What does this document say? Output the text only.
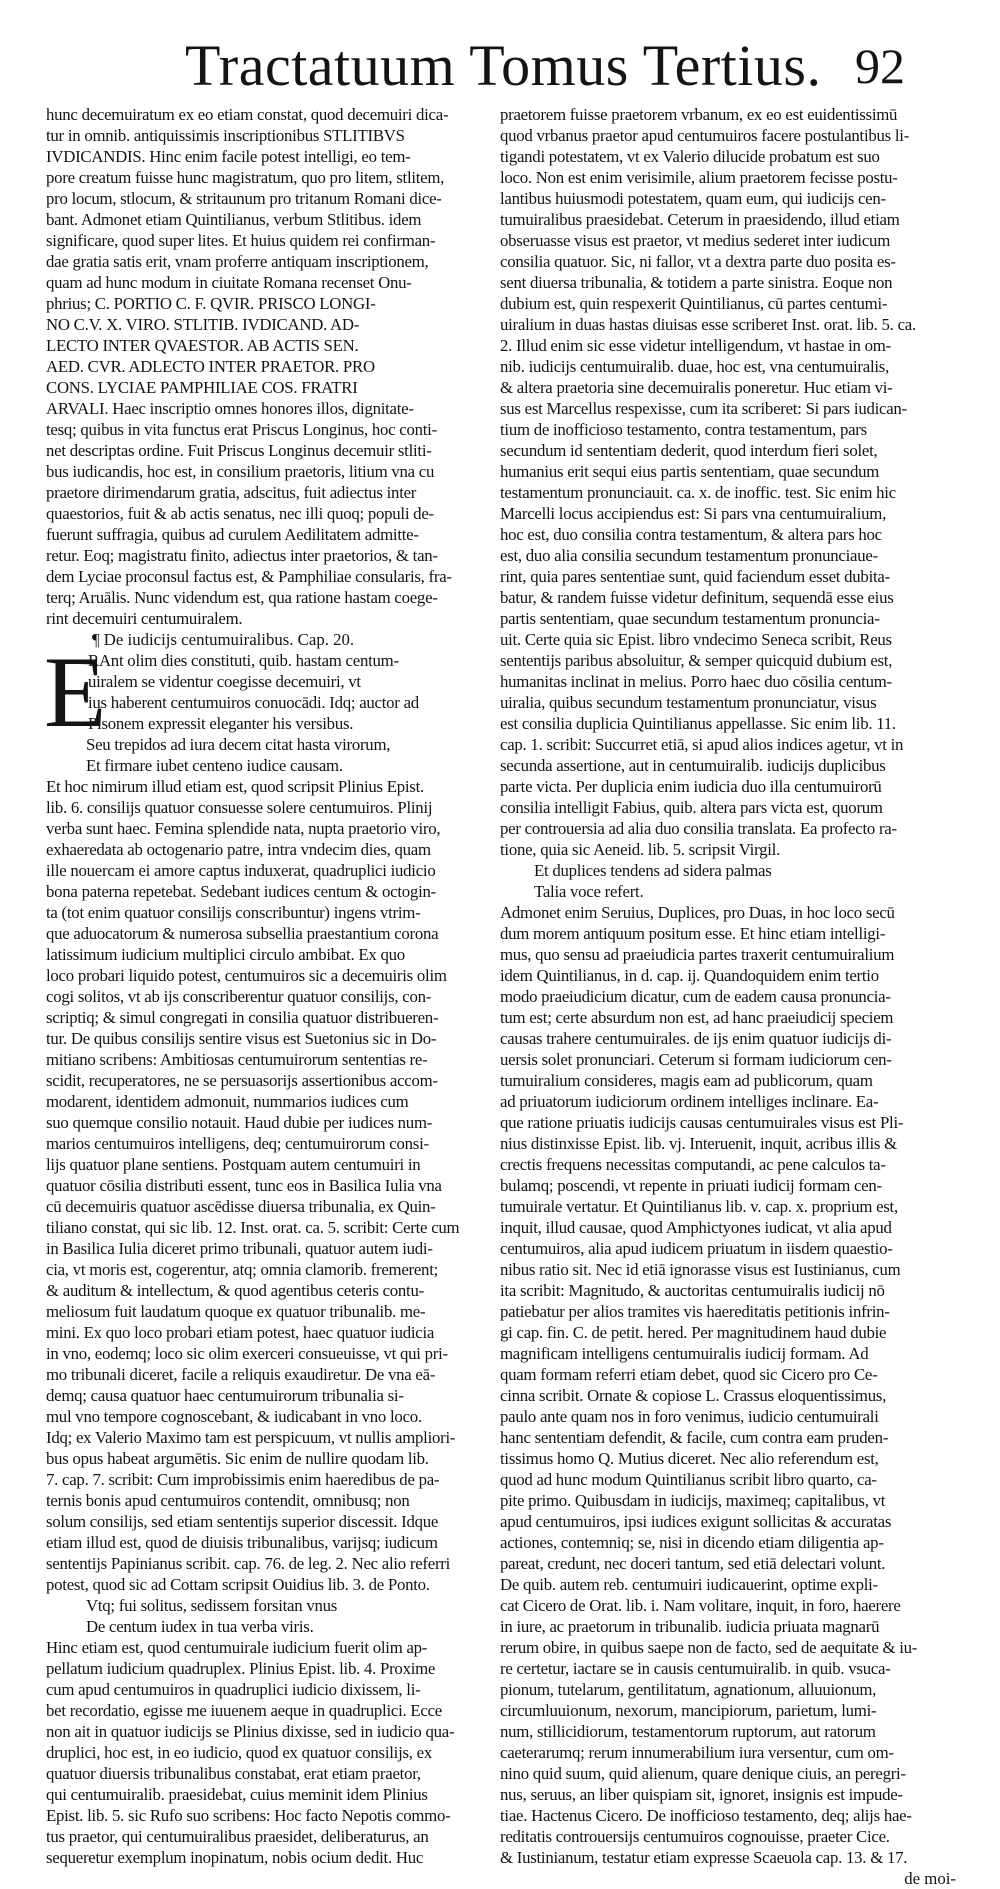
Tractatuum Tomus Tertius. 92
hunc decemuiratum ex eo etiam constat, quod decemuiri dica-
tur in omnib. antiquissimis inscriptionibus STLITIBVS
IVDICANDIS. Hinc enim facile potest intelligi, eo tem-
pore creatum fuisse hunc magistratum, quo pro litem, stlitem,
pro locum, stlocum, & stritaunum pro tritanum Romani dice-
bant. Admonet etiam Quintilianus, verbum Stlitibus. idem
significare, quod super lites. Et huius quidem rei confirman-
dae gratia satis erit, vnam proferre antiquam inscriptionem,
quam ad hunc modum in ciuitate Romana recenset Onu-
phrius; C. PORTIO C. F. QVIR. PRISCO LONGI-
NO C.V. X. VIRO. STLITIB. IVDICAND. AD-
LECTO INTER QVAESTOR. AB ACTIS SEN.
AED. CVR. ADLECTO INTER PRAETOR. PRO
CONS. LYCIAE PAMPHILIAE COS. FRATRI
ARVALI. Haec inscriptio omnes honores illos, dignitate-
tesq; quibus in vita functus erat Priscus Longinus, hoc conti-
net descriptas ordine. Fuit Priscus Longinus decemuir stliti-
bus iudicandis, hoc est, in consilium praetoris, litium vna cu
praetore dirimendarum gratia, adscitus, fuit adiectus inter
quaestorios, fuit & ab actis senatus, nec illi quoq; populi de-
fuerunt suffragia, quibus ad curulem Aedilitatem admitte-
retur. Eoq; magistratu finito, adiectus inter praetorios, & tan-
dem Lyciae proconsul factus est, & Pamphiliae consularis, fra-
terq; Aruālis. Nunc videndum est, qua ratione hastam coege-
rint decemuiri centumuiralem.
¶ De iudicijs centumuiralibus. Cap. 20.
E
RAnt olim dies constituti, quib. hastam centum-
uiralem se videntur coegisse decemuiri, vt
ius haberent centumuiros conuocādi. Idq; auctor ad
Pisonem expressit eleganter his versibus.
Seu trepidos ad iura decem citat hasta virorum,
Et firmare iubet centeno iudice causam.
Et hoc nimirum illud etiam est, quod scripsit Plinius Epist.
lib. 6. consilijs quatuor consuesse solere centumuiros. Plinij
verba sunt haec. Femina splendide nata, nupta praetorio viro,
exhaeredata ab octogenario patre, intra vndecim dies, quam
ille nouercam ei amore captus induxerat, quadruplici iudicio
bona paterna repetebat. Sedebant iudices centum & octogin-
ta (tot enim quatuor consilijs conscribuntur) ingens vtrim-
que aduocatorum & numerosa subsellia praestantium corona
latissimum iudicium multiplici circulo ambibat. Ex quo
loco probari liquido potest, centumuiros sic a decemuiris olim
cogi solitos, vt ab ijs conscriberentur quatuor consilijs, con-
scriptiq; & simul congregati in consilia quatuor distribueren-
tur. De quibus consilijs sentire visus est Suetonius sic in Do-
mitiano scribens: Ambitiosas centumuirorum sententias re-
scidit, recuperatores, ne se persuasorijs assertionibus accom-
modarent, identidem admonuit, nummarios iudices cum
suo quemque consilio notauit. Haud dubie per iudices num-
marios centumuiros intelligens, deq; centumuirorum consi-
lijs quatuor plane sentiens. Postquam autem centumuiri in
quatuor cōsilia distributi essent, tunc eos in Basilica Iulia vna
cū decemuiris quatuor ascēdisse diuersa tribunalia, ex Quin-
tiliano constat, qui sic lib. 12. Inst. orat. ca. 5. scribit: Certe cum
in Basilica Iulia diceret primo tribunali, quatuor autem iudi-
cia, vt moris est, cogerentur, atq; omnia clamorib. fremerent;
& auditum & intellectum, & quod agentibus ceteris contu-
meliosum fuit laudatum quoque ex quatuor tribunalib. me-
mini. Ex quo loco probari etiam potest, haec quatuor iudicia
in vno, eodemq; loco sic olim exerceri consueuisse, vt qui pri-
mo tribunali diceret, facile a reliquis exaudiretur. De vna eā-
demq; causa quatuor haec centumuirorum tribunalia si-
mul vno tempore cognoscebant, & iudicabant in vno loco.
Idq; ex Valerio Maximo tam est perspicuum, vt nullis ampliori-
bus opus habeat argumētis. Sic enim de nullire quodam lib.
7. cap. 7. scribit: Cum improbissimis enim haeredibus de pa-
ternis bonis apud centumuiros contendit, omnibusq; non
solum consilijs, sed etiam sententijs superior discessit. Idque
etiam illud est, quod de diuisis tribunalibus, varijsq; iudicum
sententijs Papinianus scribit. cap. 76. de leg. 2. Nec alio referri
potest, quod sic ad Cottam scripsit Ouidius lib. 3. de Ponto.
Vtq; fui solitus, sedissem forsitan vnus
De centum iudex in tua verba viris.
Hinc etiam est, quod centumuirale iudicium fuerit olim ap-
pellatum iudicium quadruplex. Plinius Epist. lib. 4. Proxime
cum apud centumuiros in quadruplici iudicio dixissem, li-
bet recordatio, egisse me iuuenem aeque in quadruplici. Ecce
non ait in quatuor iudicijs se Plinius dixisse, sed in iudicio qua-
druplici, hoc est, in eo iudicio, quod ex quatuor consilijs, ex
quatuor diuersis tribunalibus constabat, erat etiam praetor,
qui centumuiralib. praesidebat, cuius meminit idem Plinius
Epist. lib. 5. sic Rufo suo scribens: Hoc facto Nepotis commo-
tus praetor, qui centumuiralibus praesidet, deliberaturus, an
sequeretur exemplum inopinatum, nobis ocium dedit. Huc
praetorem fuisse praetorem vrbanum, ex eo est euidentissimū
quod vrbanus praetor apud centumuiros facere postulantibus li-
tigandi potestatem, vt ex Valerio dilucide probatum est suo
loco. Non est enim verisimile, alium praetorem fecisse postu-
lantibus huiusmodi potestatem, quam eum, qui iudicijs cen-
tumuiralibus praesidebat. Ceterum in praesidendo, illud etiam
obseruasse visus est praetor, vt medius sederet inter iudicum
consilia quatuor. Sic, ni fallor, vt a dextra parte duo posita es-
sent diuersa tribunalia, & totidem a parte sinistra. Eoque non
dubium est, quin respexerit Quintilianus, cū partes centumi-
uiralium in duas hastas diuisas esse scriberet Inst. orat. lib. 5. ca.
2. Illud enim sic esse videtur intelligendum, vt hastae in om-
nib. iudicijs centumuiralib. duae, hoc est, vna centumuiralis,
& altera praetoria sine decemuiralis poneretur. Huc etiam vi-
sus est Marcellus respexisse, cum ita scriberet: Si pars iudican-
tium de inofficioso testamento, contra testamentum, pars
secundum id sententiam dederit, quod interdum fieri solet,
humanius erit sequi eius partis sententiam, quae secundum
testamentum pronunciauit. ca. x. de inoffic. test. Sic enim hic
Marcelli locus accipiendus est: Si pars vna centumuiralium,
hoc est, duo consilia contra testamentum, & altera pars hoc
est, duo alia consilia secundum testamentum pronunciaue-
rint, quia pares sententiae sunt, quid faciendum esset dubita-
batur, & randem fuisse videtur definitum, sequendā esse eius
partis sententiam, quae secundum testamentum pronuncia-
uit. Certe quia sic Epist. libro vndecimo Seneca scribit, Reus
sententijs paribus absoluitur, & semper quicquid dubium est,
humanitas inclinat in melius. Porro haec duo cōsilia centum-
uiralia, quibus secundum testamentum pronunciatur, visus
est consilia duplicia Quintilianus appellasse. Sic enim lib. 11.
cap. 1. scribit: Succurret etiā, si apud alios indices agetur, vt in
secunda assertione, aut in centumuiralib. iudicijs duplicibus
parte victa. Per duplicia enim iudicia duo illa centumuirorū
consilia intelligit Fabius, quib. altera pars victa est, quorum
per controuersia ad alia duo consilia translata. Ea profecto ra-
tione, quia sic Aeneid. lib. 5. scripsit Virgil.
Et duplices tendens ad sidera palmas
Talia voce refert.
Admonet enim Seruius, Duplices, pro Duas, in hoc loco secū
dum morem antiquum positum esse. Et hinc etiam intelligi-
mus, quo sensu ad praeiudicia partes traxerit centumuiralium
idem Quintilianus, in d. cap. ij. Quandoquidem enim tertio
modo praeiudicium dicatur, cum de eadem causa pronuncia-
tum est; certe absurdum non est, ad hanc praeiudicij speciem
causas trahere centumuirales. de ijs enim quatuor iudicijs di-
uersis solet pronunciari. Ceterum si formam iudiciorum cen-
tumuiralium consideres, magis eam ad publicorum, quam
ad priuatorum iudiciorum ordinem intelliges inclinare. Ea-
que ratione priuatis iudicijs causas centumuirales visus est Pli-
nius distinxisse Epist. lib. vj. Interuenit, inquit, acribus illis &
crectis frequens necessitas computandi, ac pene calculos ta-
bulamq; poscendi, vt repente in priuati iudicij formam cen-
tumuirale vertatur. Et Quintilianus lib. v. cap. x. proprium est,
inquit, illud causae, quod Amphictyones iudicat, vt alia apud
centumuiros, alia apud iudicem priuatum in iisdem quaestio-
nibus ratio sit. Nec id etiā ignorasse visus est Iustinianus, cum
ita scribit: Magnitudo, & auctoritas centumuiralis iudicij nō
patiebatur per alios tramites vis haereditatis petitionis infrin-
gi cap. fin. C. de petit. hered. Per magnitudinem haud dubie
magnificam intelligens centumuiralis iudicij formam. Ad
quam formam referri etiam debet, quod sic Cicero pro Ce-
cinna scribit. Ornate & copiose L. Crassus eloquentissimus,
paulo ante quam nos in foro venimus, iudicio centumuirali
hanc sententiam defendit, & facile, cum contra eam pruden-
tissimus homo Q. Mutius diceret. Nec alio referendum est,
quod ad hunc modum Quintilianus scribit libro quarto, ca-
pite primo. Quibusdam in iudicijs, maximeq; capitalibus, vt
apud centumuiros, ipsi iudices exigunt sollicitas & accuratas
actiones, contemniq; se, nisi in dicendo etiam diligentia ap-
pareat, credunt, nec doceri tantum, sed etiā delectari volunt.
De quib. autem reb. centumuiri iudicauerint, optime expli-
cat Cicero de Orat. lib. i. Nam volitare, inquit, in foro, haerere
in iure, ac praetorum in tribunalib. iudicia priuata magnarū
rerum obire, in quibus saepe non de facto, sed de aequitate & iu-
re certetur, iactare se in causis centumuiralib. in quib. vsuca-
pionum, tutelarum, gentilitatum, agnationum, alluuionum,
circumluuionum, nexorum, mancipiorum, parietum, lumi-
num, stillicidiorum, testamentorum ruptorum, aut ratorum
caeterarumq; rerum innumerabilium iura versentur, cum om-
nino quid suum, quid alienum, quare denique ciuis, an peregri-
nus, seruus, an liber quispiam sit, ignoret, insignis est impude-
tiae. Hactenus Cicero. De inofficioso testamento, deq; alijs hae-
reditatis controuersijs centumuiros cognouisse, praeter Cice.
& Iustinianum, testatur etiam expresse Scaeuola cap. 13. & 17.
de moi-
